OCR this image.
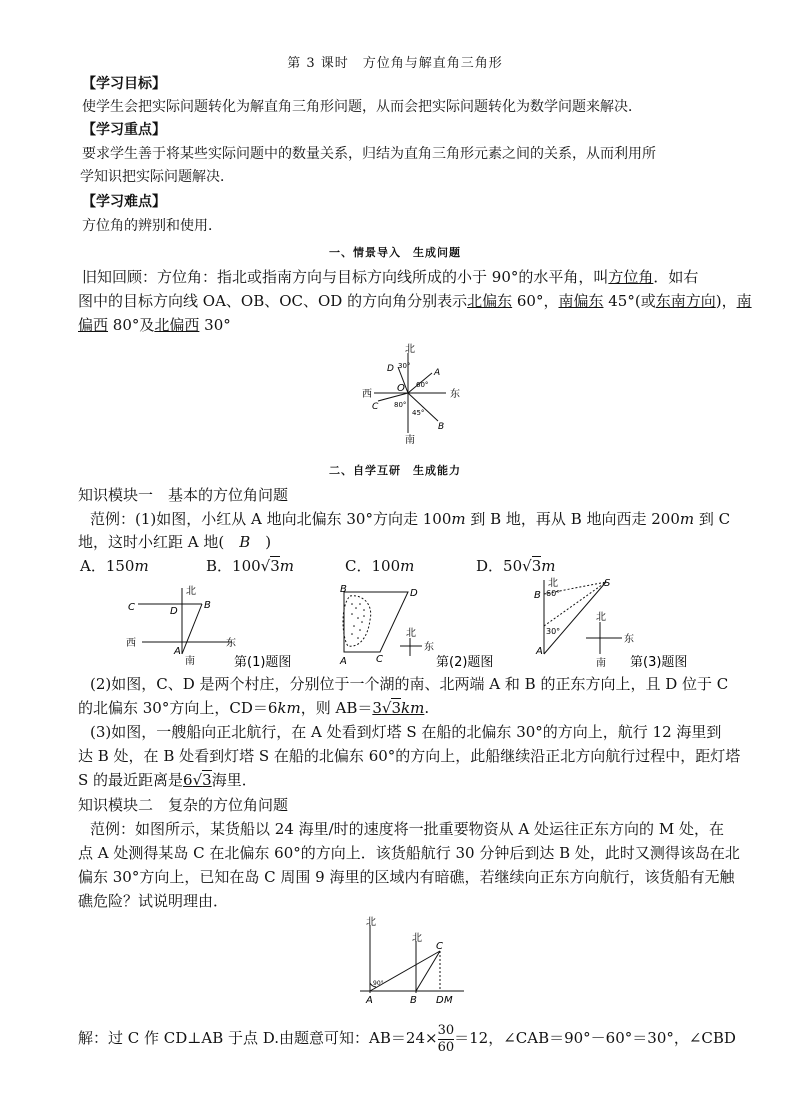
第 3 课时　方位角与解直角三角形
【学习目标】
使学生会把实际问题转化为解直角三角形问题，从而会把实际问题转化为数学问题来解决．
【学习重点】
要求学生善于将某些实际问题中的数量关系，归结为直角三角形元素之间的关系，从而利用所
学知识把实际问题解决．
【学习难点】
方位角的辨别和使用．
一、情景导入　生成问题
旧知回顾：方位角：指北或指南方向与目标方向线所成的小于 90°的水平角，叫方位角．如右
图中的目标方向线 OA、OB、OC、OD 的方向角分别表示北偏东 60°，南偏东 45°(或东南方向)，南
偏西 80°及北偏西 30°
北
南
东
西
O
A
B
C
D 30°
60°
80°
45°
二、自学互研　生成能力
知识模块一　基本的方位角问题
范例：(1)如图，小红从 A 地向北偏东 30°方向走 100m 到 B 地，再从 B 地向西走 200m 到 C
地，这时小红距 A 地(　B　)
A．150m	B．100√3m	C．100m	D．50√3m
北
C	D
B
西	东
A
南	第(1)题图
B	D
A	C
北
东
第(2)题图
北
B
S
60°
30°
A
北
东
南 第(3)题图
(2)如图，C、D 是两个村庄，分别位于一个湖的南、北两端 A 和 B 的正东方向上，且 D 位于 C
的北偏东 30°方向上，CD＝6km，则 AB＝3√3km.
(3)如图，一艘船向正北航行，在 A 处看到灯塔 S 在船的北偏东 30°的方向上，航行 12 海里到
达 B 处，在 B 处看到灯塔 S 在船的北偏东 60°的方向上，此船继续沿正北方向航行过程中，距灯塔
S 的最近距离是6√3海里．
知识模块二　复杂的方位角问题
范例：如图所示，某货船以 24 海里/时的速度将一批重要物资从 A 处运往正东方向的 M 处，在
点 A 处测得某岛 C 在北偏东 60°的方向上．该货船航行 30 分钟后到达 B 处，此时又测得该岛在北
偏东 30°方向上，已知在岛 C 周围 9 海里的区域内有暗礁，若继续向正东方向航行，该货船有无触
礁危险？试说明理由．
北
北
C
90°
A	B D M
解：过 C 作 CD⊥AB 于点 D.由题意可知：$AB=24\times \frac{30}{60} =12$，∠CAB＝90°－60°＝30°，∠CBD
